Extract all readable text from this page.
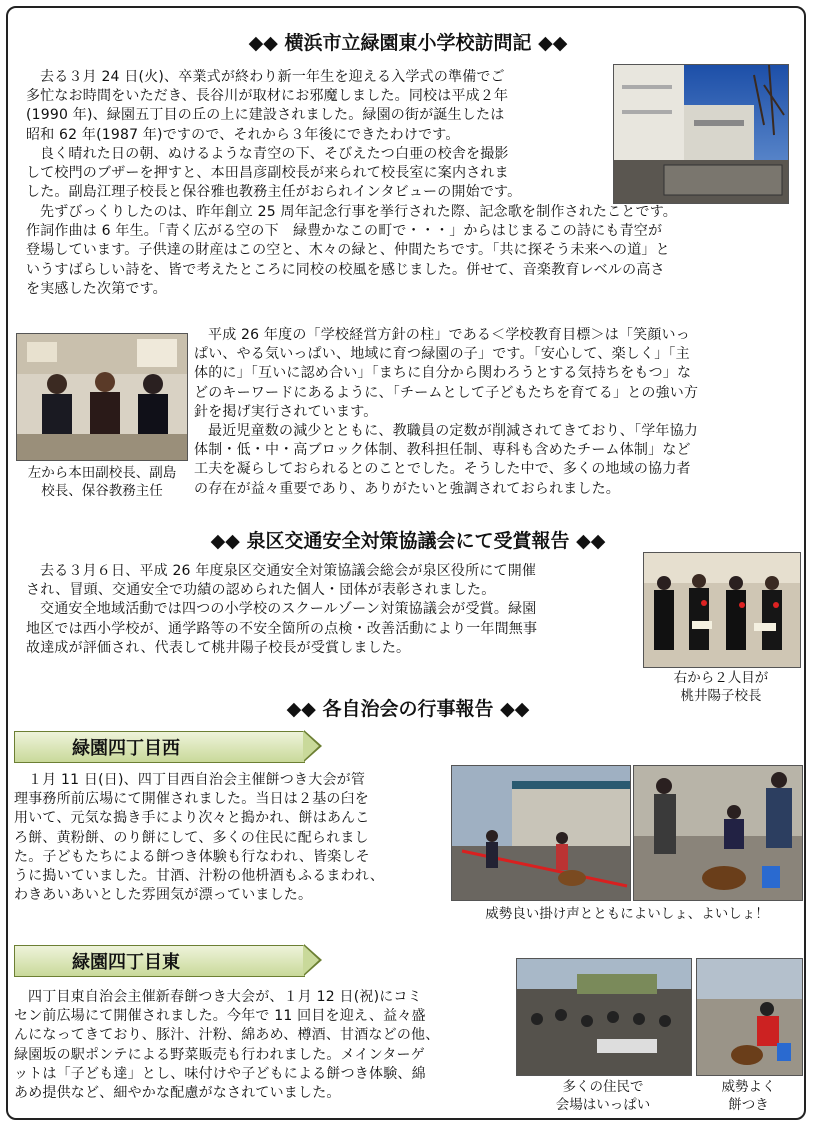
◆◆ 横浜市立緑園東小学校訪問記 ◆◆

去る３月 24 日(火)、卒業式が終わり新一年生を迎える入学式の準備でご

多忙なお時間をいただき、長谷川が取材にお邪魔しました。同校は平成２年
(1990 年)、緑園五丁目の丘の上に建設されました。緑園の街が誕生したは
昭和 62 年(1987 年)ですので、それから３年後にできたわけです。

良く晴れた日の朝、ぬけるような青空の下、そびえたつ白亜の校舎を撮影

して校門のブザーを押すと、本田昌彦副校長が来られて校長室に案内されま
した。副島江理子校長と保谷雅也教務主任がおられインタビューの開始です。

先ずびっくりしたのは、昨年創立 25 周年記念行事を挙行された際、記念歌を制作されたことです。

作詞作曲は 6 年生。「青く広がる空の下　緑豊かなこの町で・・・」からはじまるこの詩にも青空が
登場しています。子供達の財産はこの空と、木々の緑と、仲間たちです。「共に探そう未来への道」と
いうすばらしい詩を、皆で考えたところに同校の校風を感じました。併せて、音楽教育レベルの高さ
を実感した次第です。
左から本田副校長、副島
校長、保谷教務主任

平成 26 年度の「学校経営方針の柱」である＜学校教育目標＞は「笑顔いっ

ぱい、やる気いっぱい、地域に育つ緑園の子」です。「安心して、楽しく」「主
体的に」「互いに認め合い」「まちに自分から関わろうとする気持ちをもつ」な
どのキーワードにあるように、「チームとして子どもたちを育てる」との強い方
針を掲げ実行されています。

最近児童数の減少とともに、教職員の定数が削減されてきており、「学年協力

体制・低・中・高ブロック体制、教科担任制、専科も含めたチーム体制」など
工夫を凝らしておられるとのことでした。そうした中で、多くの地域の協力者
の存在が益々重要であり、ありがたいと強調されておられました。
◆◆ 泉区交通安全対策協議会にて受賞報告 ◆◆

去る３月６日、平成 26 年度泉区交通安全対策協議会総会が泉区役所にて開催

され、冒頭、交通安全で功績の認められた個人・団体が表彰されました。

交通安全地域活動では四つの小学校のスクールゾーン対策協議会が受賞。緑園

地区では西小学校が、通学路等の不安全箇所の点検・改善活動により一年間無事
故達成が評価され、代表して桃井陽子校長が受賞しました。
右から２人目が
桃井陽子校長
◆◆ 各自治会の行事報告 ◆◆
緑園四丁目西

１月 11 日(日)、四丁目西自治会主催餅つき大会が管

理事務所前広場にて開催されました。当日は２基の臼を
用いて、元気な搗き手により次々と搗かれ、餅はあんこ
ろ餅、黄粉餅、のり餅にして、多くの住民に配られまし
た。子どもたちによる餅つき体験も行なわれ、皆楽しそ
うに搗いていました。甘酒、汁粉の他枡酒もふるまわれ、
わきあいあいとした雰囲気が漂っていました。
威勢良い掛け声とともによいしょ、よいしょ！
緑園四丁目東

四丁目東自治会主催新春餅つき大会が、１月 12 日(祝)にコミ

セン前広場にて開催されました。今年で 11 回目を迎え、益々盛
んになってきており、豚汁、汁粉、綿あめ、樽酒、甘酒などの他、
緑園坂の駅ポンテによる野菜販売も行われました。メインターゲ
ットは「子ども達」とし、味付けや子どもによる餅つき体験、綿
あめ提供など、細やかな配慮がなされていました。	多くの住民で
会場はいっぱい
威勢よく
餅つき
